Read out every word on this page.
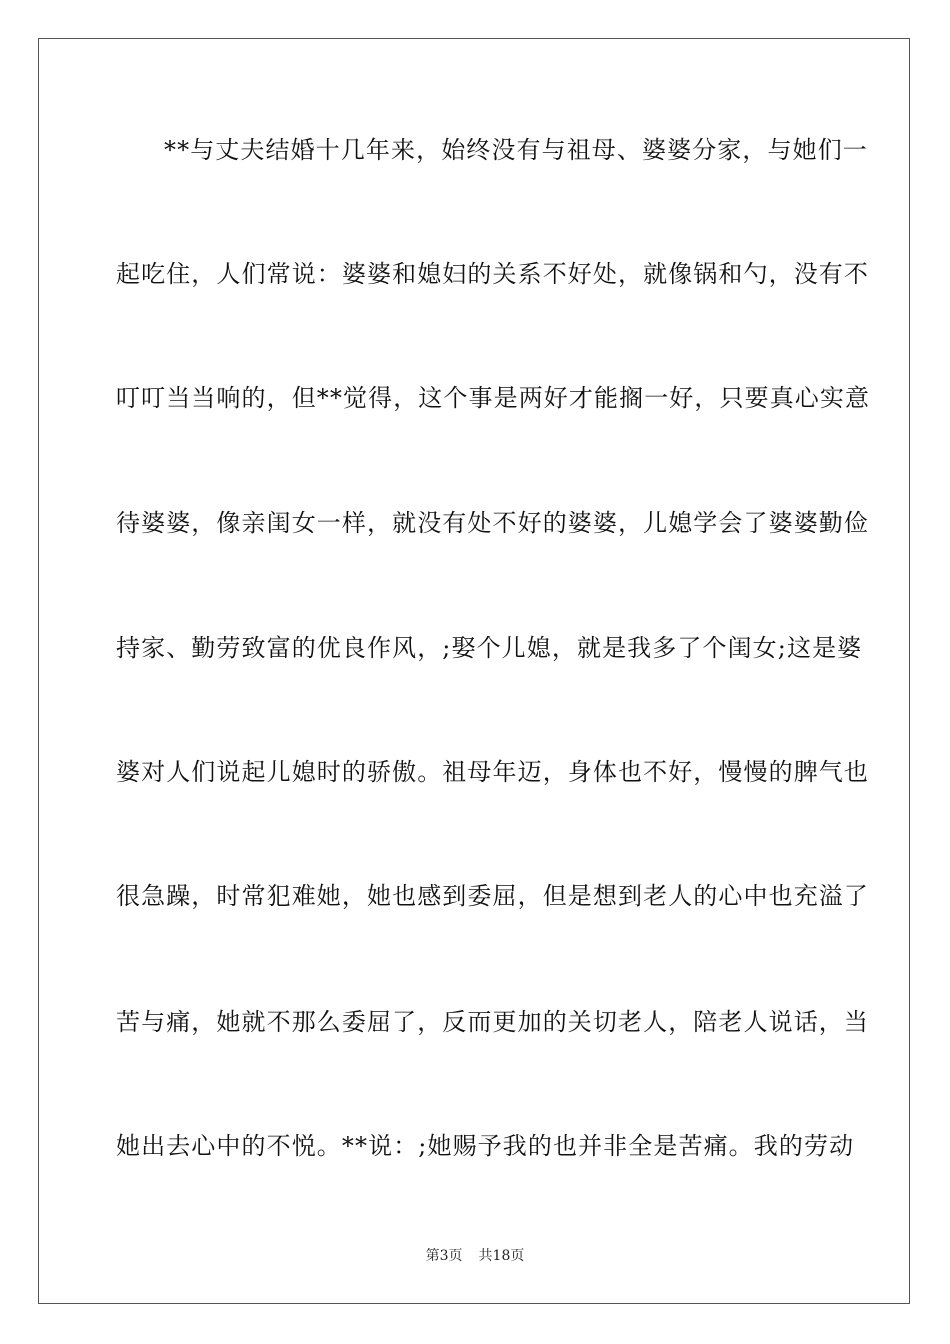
**与丈夫结婚十几年来，始终没有与祖母、婆婆分家，与她们一

起吃住，人们常说：婆婆和媳妇的关系不好处，就像锅和勺，没有不

叮叮当当响的，但**觉得，这个事是两好才能搁一好，只要真心实意

待婆婆，像亲闺女一样，就没有处不好的婆婆，儿媳学会了婆婆勤俭

持家、勤劳致富的优良作风，;娶个儿媳，就是我多了个闺女;这是婆

婆对人们说起儿媳时的骄傲。祖母年迈，身体也不好，慢慢的脾气也

很急躁，时常犯难她，她也感到委屈，但是想到老人的心中也充溢了

苦与痛，她就不那么委屈了，反而更加的关切老人，陪老人说话，当

她出去心中的不悦。**说：;她赐予我的也并非全是苦痛。我的劳动

第3页 共18页
